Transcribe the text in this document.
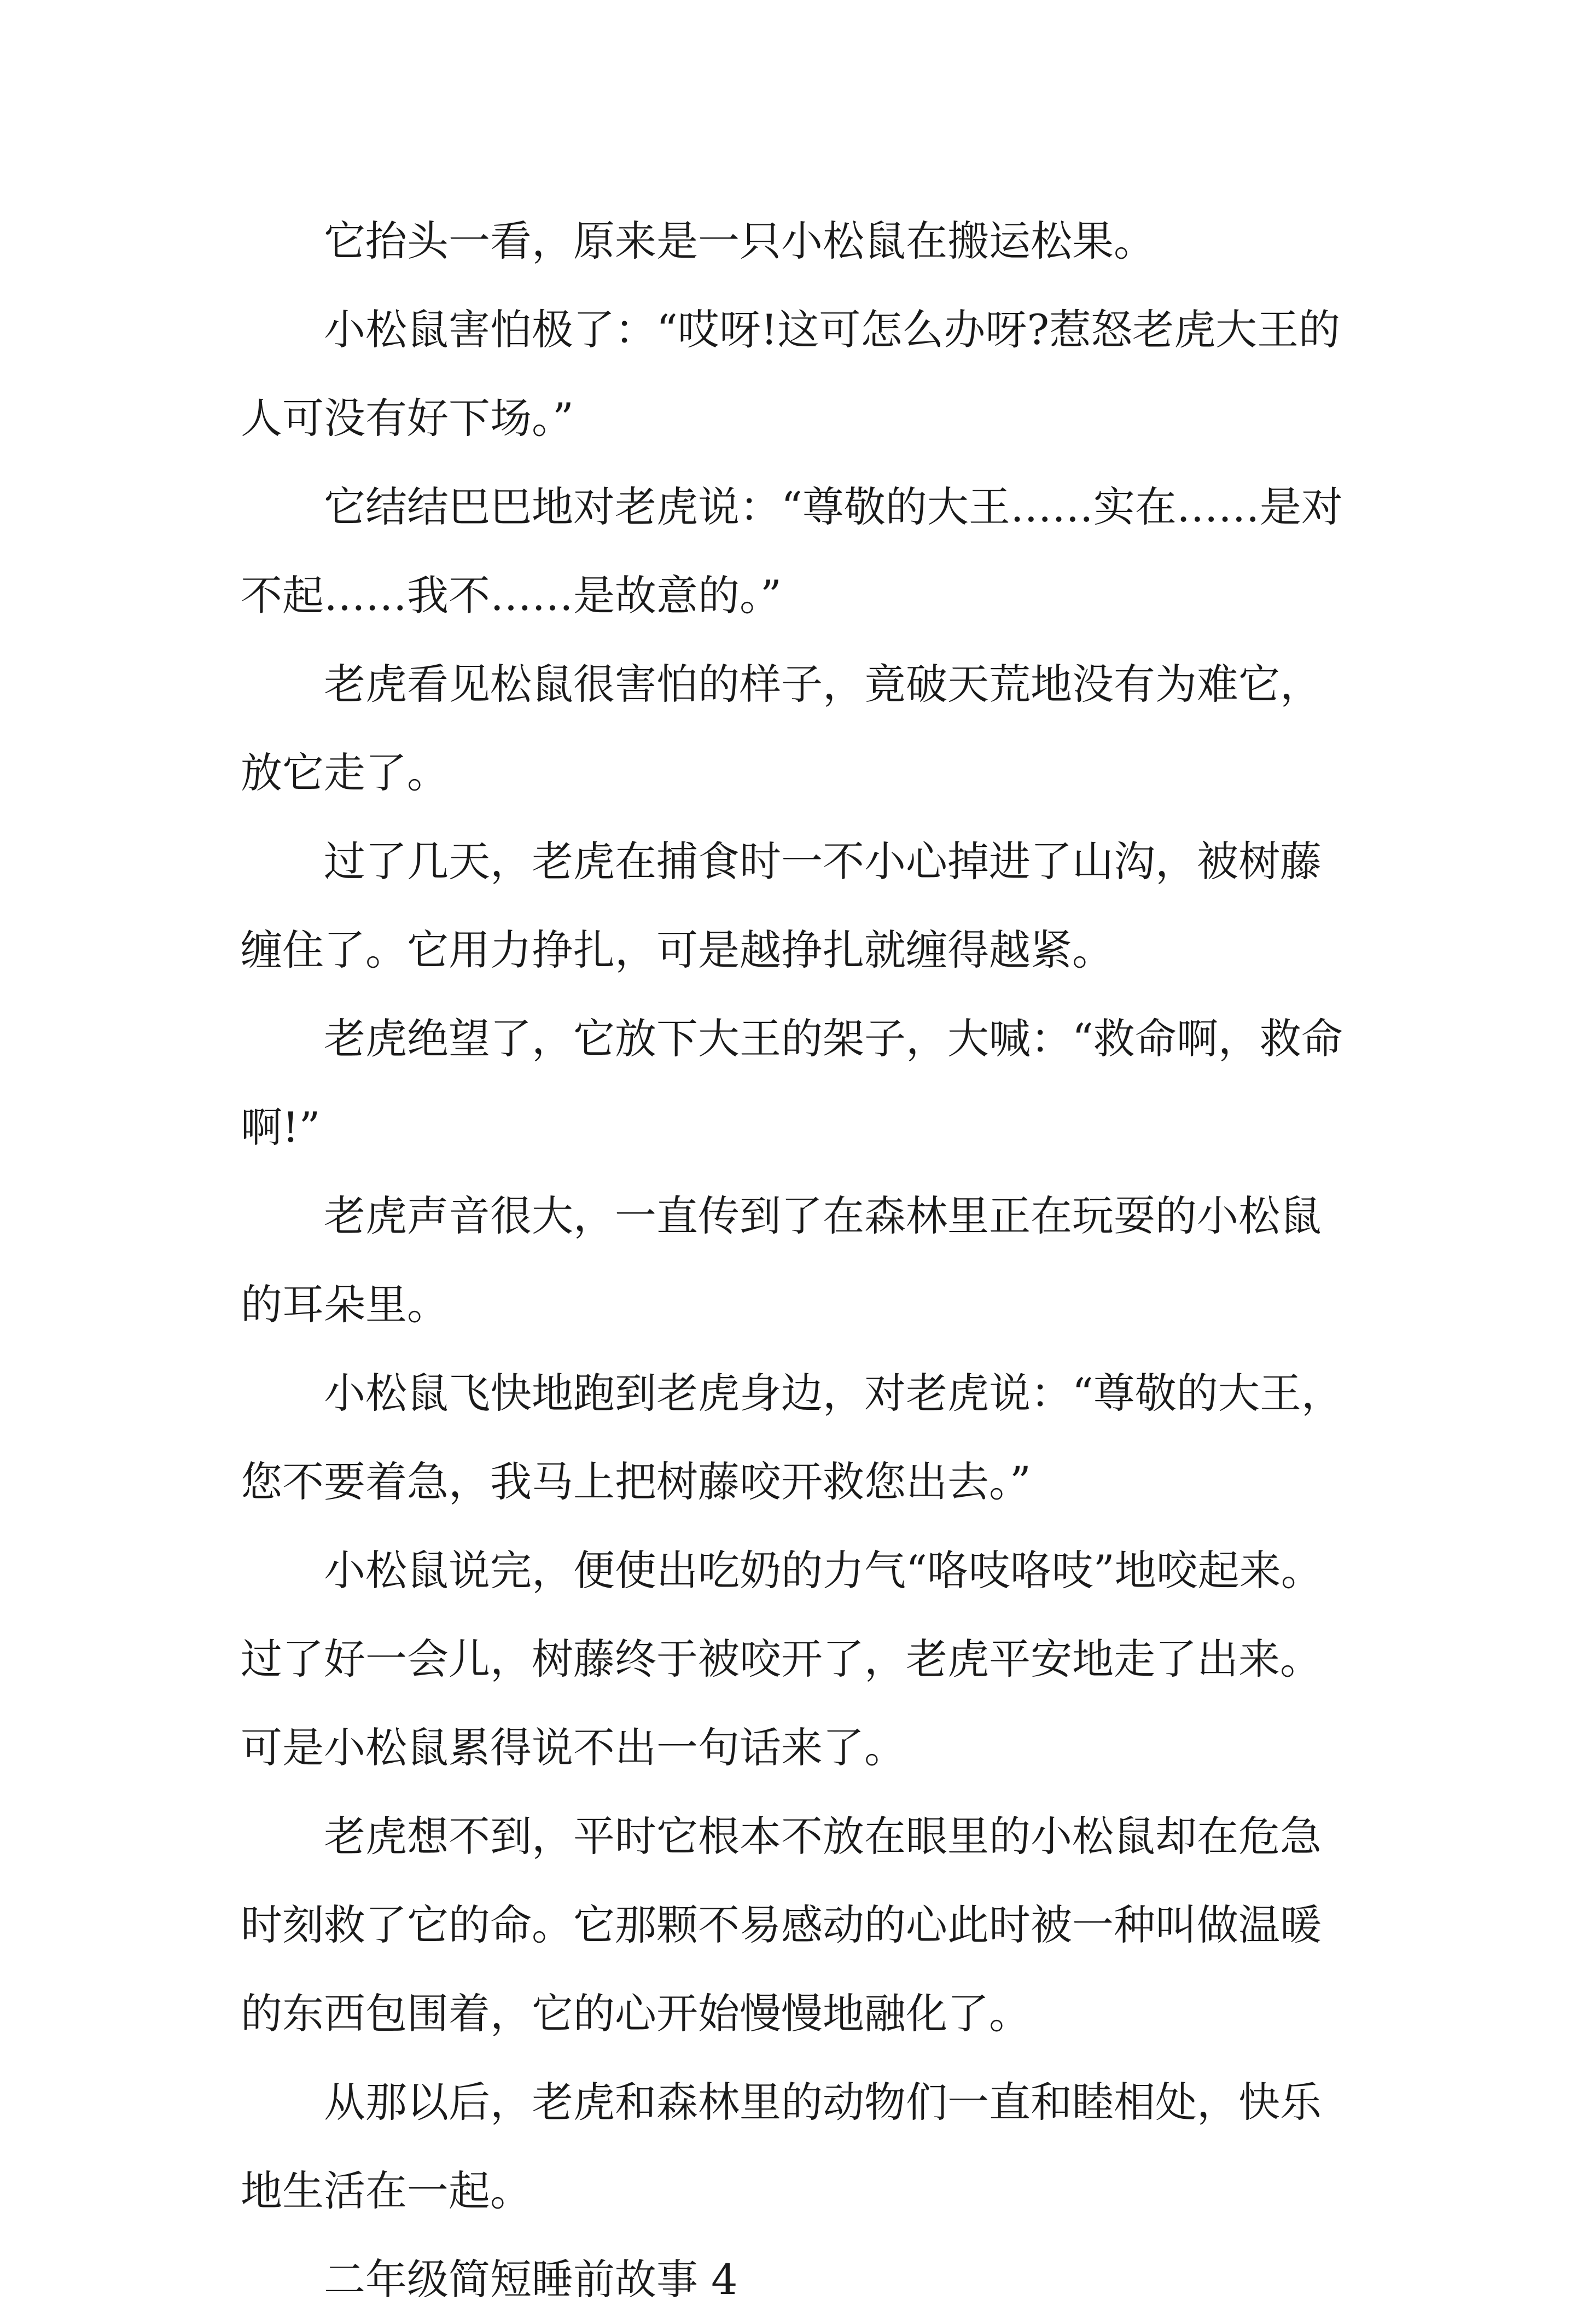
它抬头一看，原来是一只小松鼠在搬运松果。

小松鼠害怕极了：“哎呀!这可怎么办呀?惹怒老虎大王的人可没有好下场。”

它结结巴巴地对老虎说：“尊敬的大王……实在……是对不起……我不……是故意的。”

老虎看见松鼠很害怕的样子，竟破天荒地没有为难它，放它走了。

过了几天，老虎在捕食时一不小心掉进了山沟，被树藤缠住了。它用力挣扎，可是越挣扎就缠得越紧。

老虎绝望了，它放下大王的架子，大喊：“救命啊，救命啊!”

老虎声音很大，一直传到了在森林里正在玩耍的小松鼠的耳朵里。

小松鼠飞快地跑到老虎身边，对老虎说：“尊敬的大王，您不要着急，我马上把树藤咬开救您出去。”

小松鼠说完，便使出吃奶的力气“咯吱咯吱”地咬起来。过了好一会儿，树藤终于被咬开了，老虎平安地走了出来。可是小松鼠累得说不出一句话来了。

老虎想不到，平时它根本不放在眼里的小松鼠却在危急时刻救了它的命。它那颗不易感动的心此时被一种叫做温暖的东西包围着，它的心开始慢慢地融化了。

从那以后，老虎和森林里的动物们一直和睦相处，快乐地生活在一起。

二年级简短睡前故事 4
